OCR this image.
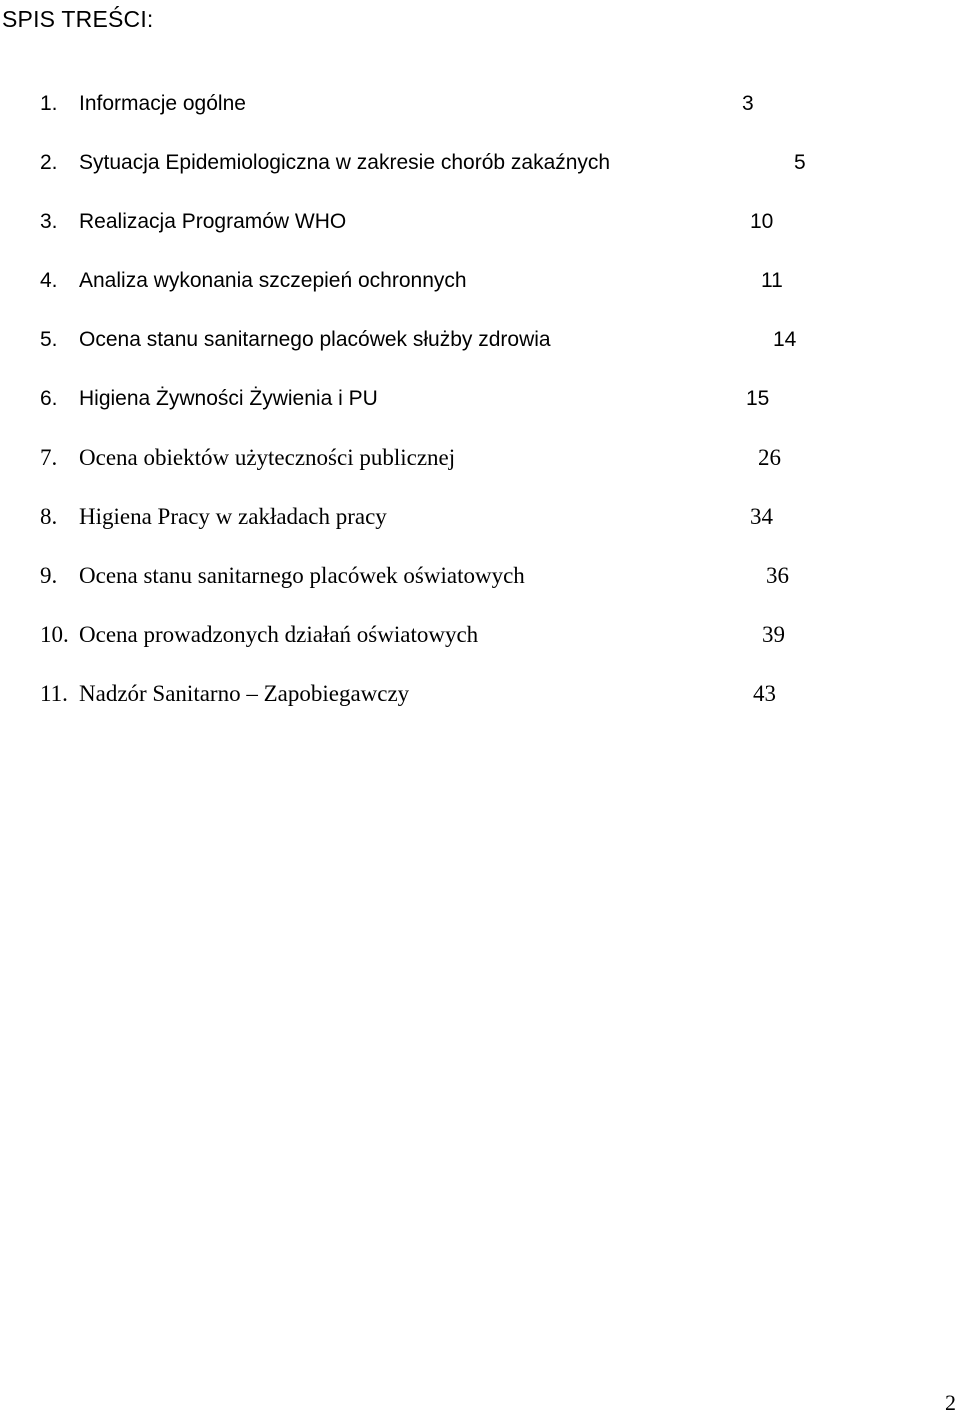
SPIS TREŚCI:
1. Informacje ogólne	3
2. Sytuacja Epidemiologiczna w zakresie chorób zakaźnych	5
3. Realizacja Programów WHO	10
4. Analiza wykonania szczepień ochronnych	11
5. Ocena stanu sanitarnego placówek służby zdrowia	14
6. Higiena Żywności Żywienia i PU	15
7. Ocena obiektów użyteczności publicznej	26
8. Higiena Pracy w zakładach pracy	34
9. Ocena stanu sanitarnego placówek oświatowych	36
10. Ocena prowadzonych działań oświatowych	39
11. Nadzór Sanitarno – Zapobiegawczy	43
2
